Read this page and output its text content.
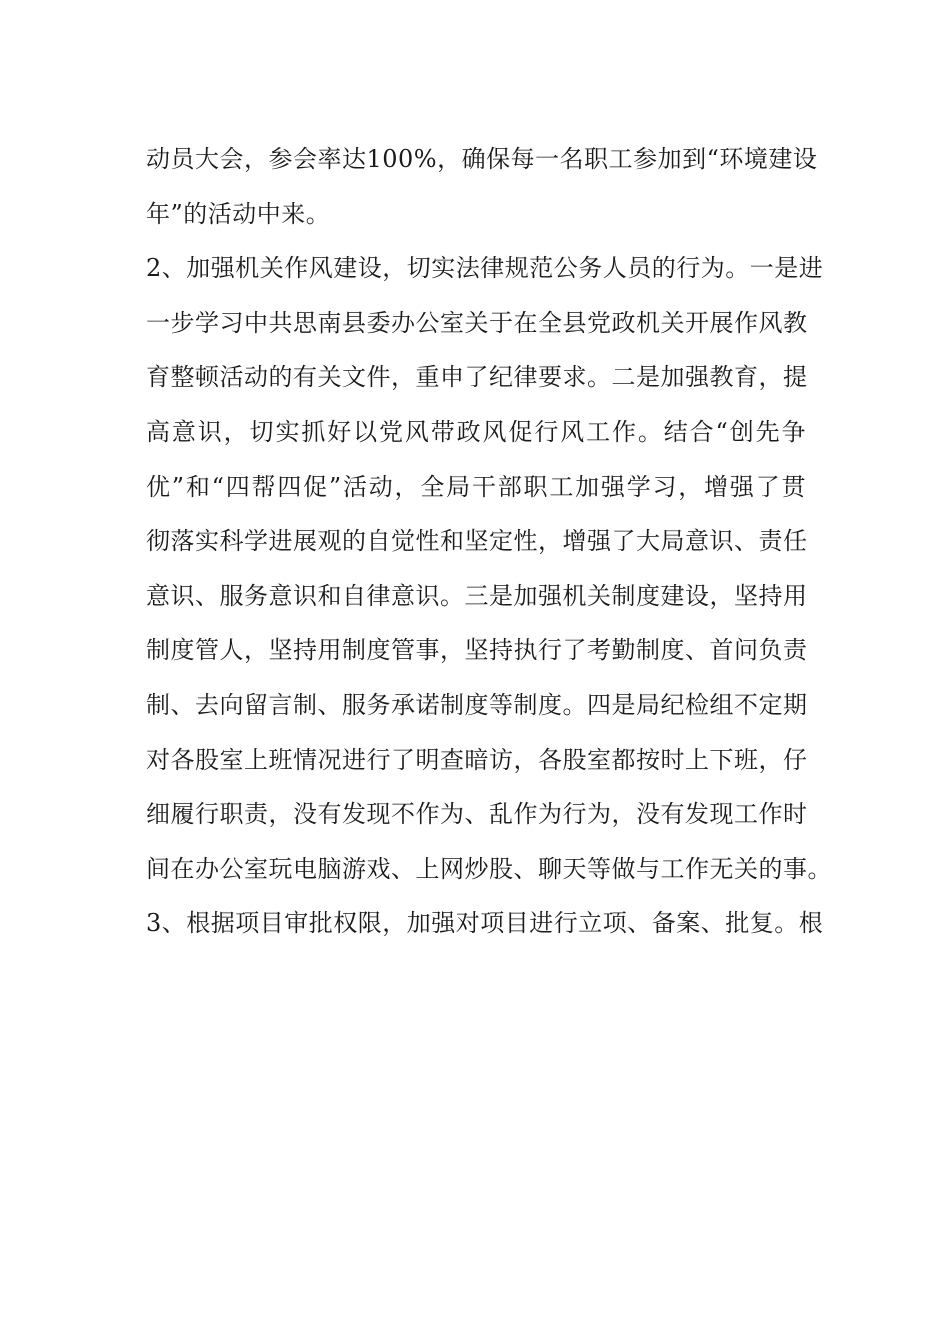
动员大会，参会率达100%，确保每一名职工参加到“环境建设
年”的活动中来。
2、加强机关作风建设，切实法律规范公务人员的行为。一是进
一步学习中共思南县委办公室关于在全县党政机关开展作风教
育整顿活动的有关文件，重申了纪律要求。二是加强教育，提
高意识，切实抓好以党风带政风促行风工作。结合“创先争
优”和“四帮四促”活动，全局干部职工加强学习，增强了贯
彻落实科学进展观的自觉性和坚定性，增强了大局意识、责任
意识、服务意识和自律意识。三是加强机关制度建设，坚持用
制度管人，坚持用制度管事，坚持执行了考勤制度、首问负责
制、去向留言制、服务承诺制度等制度。四是局纪检组不定期
对各股室上班情况进行了明查暗访，各股室都按时上下班，仔
细履行职责，没有发现不作为、乱作为行为，没有发现工作时
间在办公室玩电脑游戏、上网炒股、聊天等做与工作无关的事。
3、根据项目审批权限，加强对项目进行立项、备案、批复。根
